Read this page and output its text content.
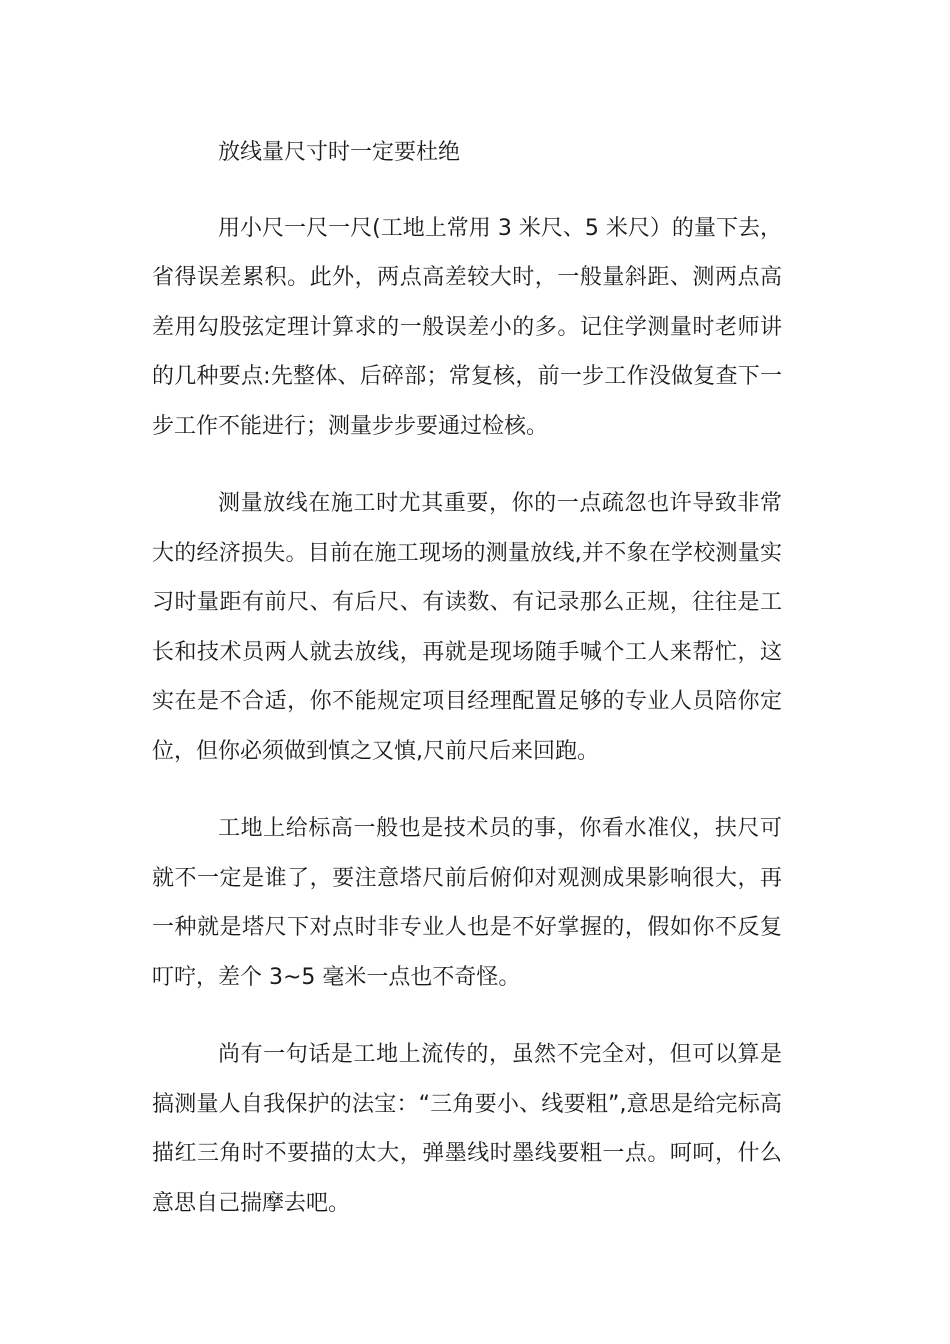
放线量尺寸时一定要杜绝

用小尺一尺一尺(工地上常用 3 米尺、5 米尺）的量下去，省得误差累积。此外，两点高差较大时，一般量斜距、测两点高差用勾股弦定理计算求的一般误差小的多。记住学测量时老师讲的几种要点:先整体、后碎部；常复核，前一步工作没做复查下一步工作不能进行；测量步步要通过检核。

测量放线在施工时尤其重要，你的一点疏忽也许导致非常大的经济损失。目前在施工现场的测量放线,并不象在学校测量实习时量距有前尺、有后尺、有读数、有记录那么正规，往往是工长和技术员两人就去放线，再就是现场随手喊个工人来帮忙，这实在是不合适，你不能规定项目经理配置足够的专业人员陪你定位，但你必须做到慎之又慎,尺前尺后来回跑。

工地上给标高一般也是技术员的事，你看水准仪，扶尺可就不一定是谁了，要注意塔尺前后俯仰对观测成果影响很大，再一种就是塔尺下对点时非专业人也是不好掌握的，假如你不反复叮咛，差个 3~5 毫米一点也不奇怪。

尚有一句话是工地上流传的，虽然不完全对，但可以算是搞测量人自我保护的法宝：“三角要小、线要粗”,意思是给完标高描红三角时不要描的太大，弹墨线时墨线要粗一点。呵呵，什么意思自己揣摩去吧。
